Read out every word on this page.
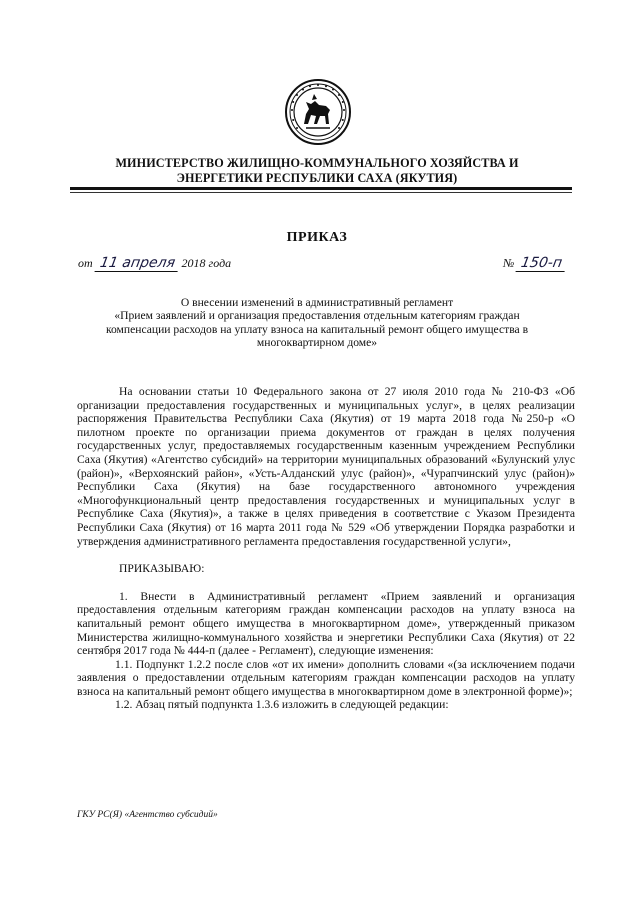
МИНИСТЕРСТВО ЖИЛИЩНО-КОММУНАЛЬНОГО ХОЗЯЙСТВА И
ЭНЕРГЕТИКИ РЕСПУБЛИКИ САХА (ЯКУТИЯ)
ПРИКАЗ
от 11 апреля 2018 года	№ 150-п
О внесении изменений в административный регламент
«Прием заявлений и организация предоставления отдельным категориям граждан
компенсации расходов на уплату взноса на капитальный ремонт общего имущества в
многоквартирном доме»

На основании статьи 10 Федерального закона от 27 июля 2010 года № 210-ФЗ «Об организации предоставления государственных и муниципальных услуг», в целях реализации распоряжения Правительства Республики Саха (Якутия) от 19 марта 2018 года №250-р «О пилотном проекте по организации приема документов от граждан в целях получения государственных услуг, предоставляемых государственным казенным учреждением Республики Саха (Якутия) «Агентство субсидий» на территории муниципальных образований «Булунский улус (район)», «Верхоянский район», «Усть-Алданский улус (район)», «Чурапчинский улус (район)» Республики Саха (Якутия) на базе государственного автономного учреждения «Многофункциональный центр предоставления государственных и муниципальных услуг в Республике Саха (Якутия)», а также в целях приведения в соответствие с Указом Президента Республики Саха (Якутия) от 16 марта 2011 года № 529 «Об утверждении Порядка разработки и утверждения административного регламента предоставления государственной услуги»,

ПРИКАЗЫВАЮ:

1. Внести в Административный регламент «Прием заявлений и организация предоставления отдельным категориям граждан компенсации расходов на уплату взноса на капитальный ремонт общего имущества в многоквартирном доме», утвержденный приказом Министерства жилищно-коммунального хозяйства и энергетики Республики Саха (Якутия) от 22 сентября 2017 года № 444-п (далее - Регламент), следующие изменения:

1.1. Подпункт 1.2.2 после слов «от их имени» дополнить словами «(за исключением подачи заявления о предоставлении отдельным категориям граждан компенсации расходов на уплату взноса на капитальный ремонт общего имущества в многоквартирном доме в электронной форме)»;

1.2. Абзац пятый подпункта 1.3.6 изложить в следующей редакции:

ГКУ РС(Я) «Агентство субсидий»
